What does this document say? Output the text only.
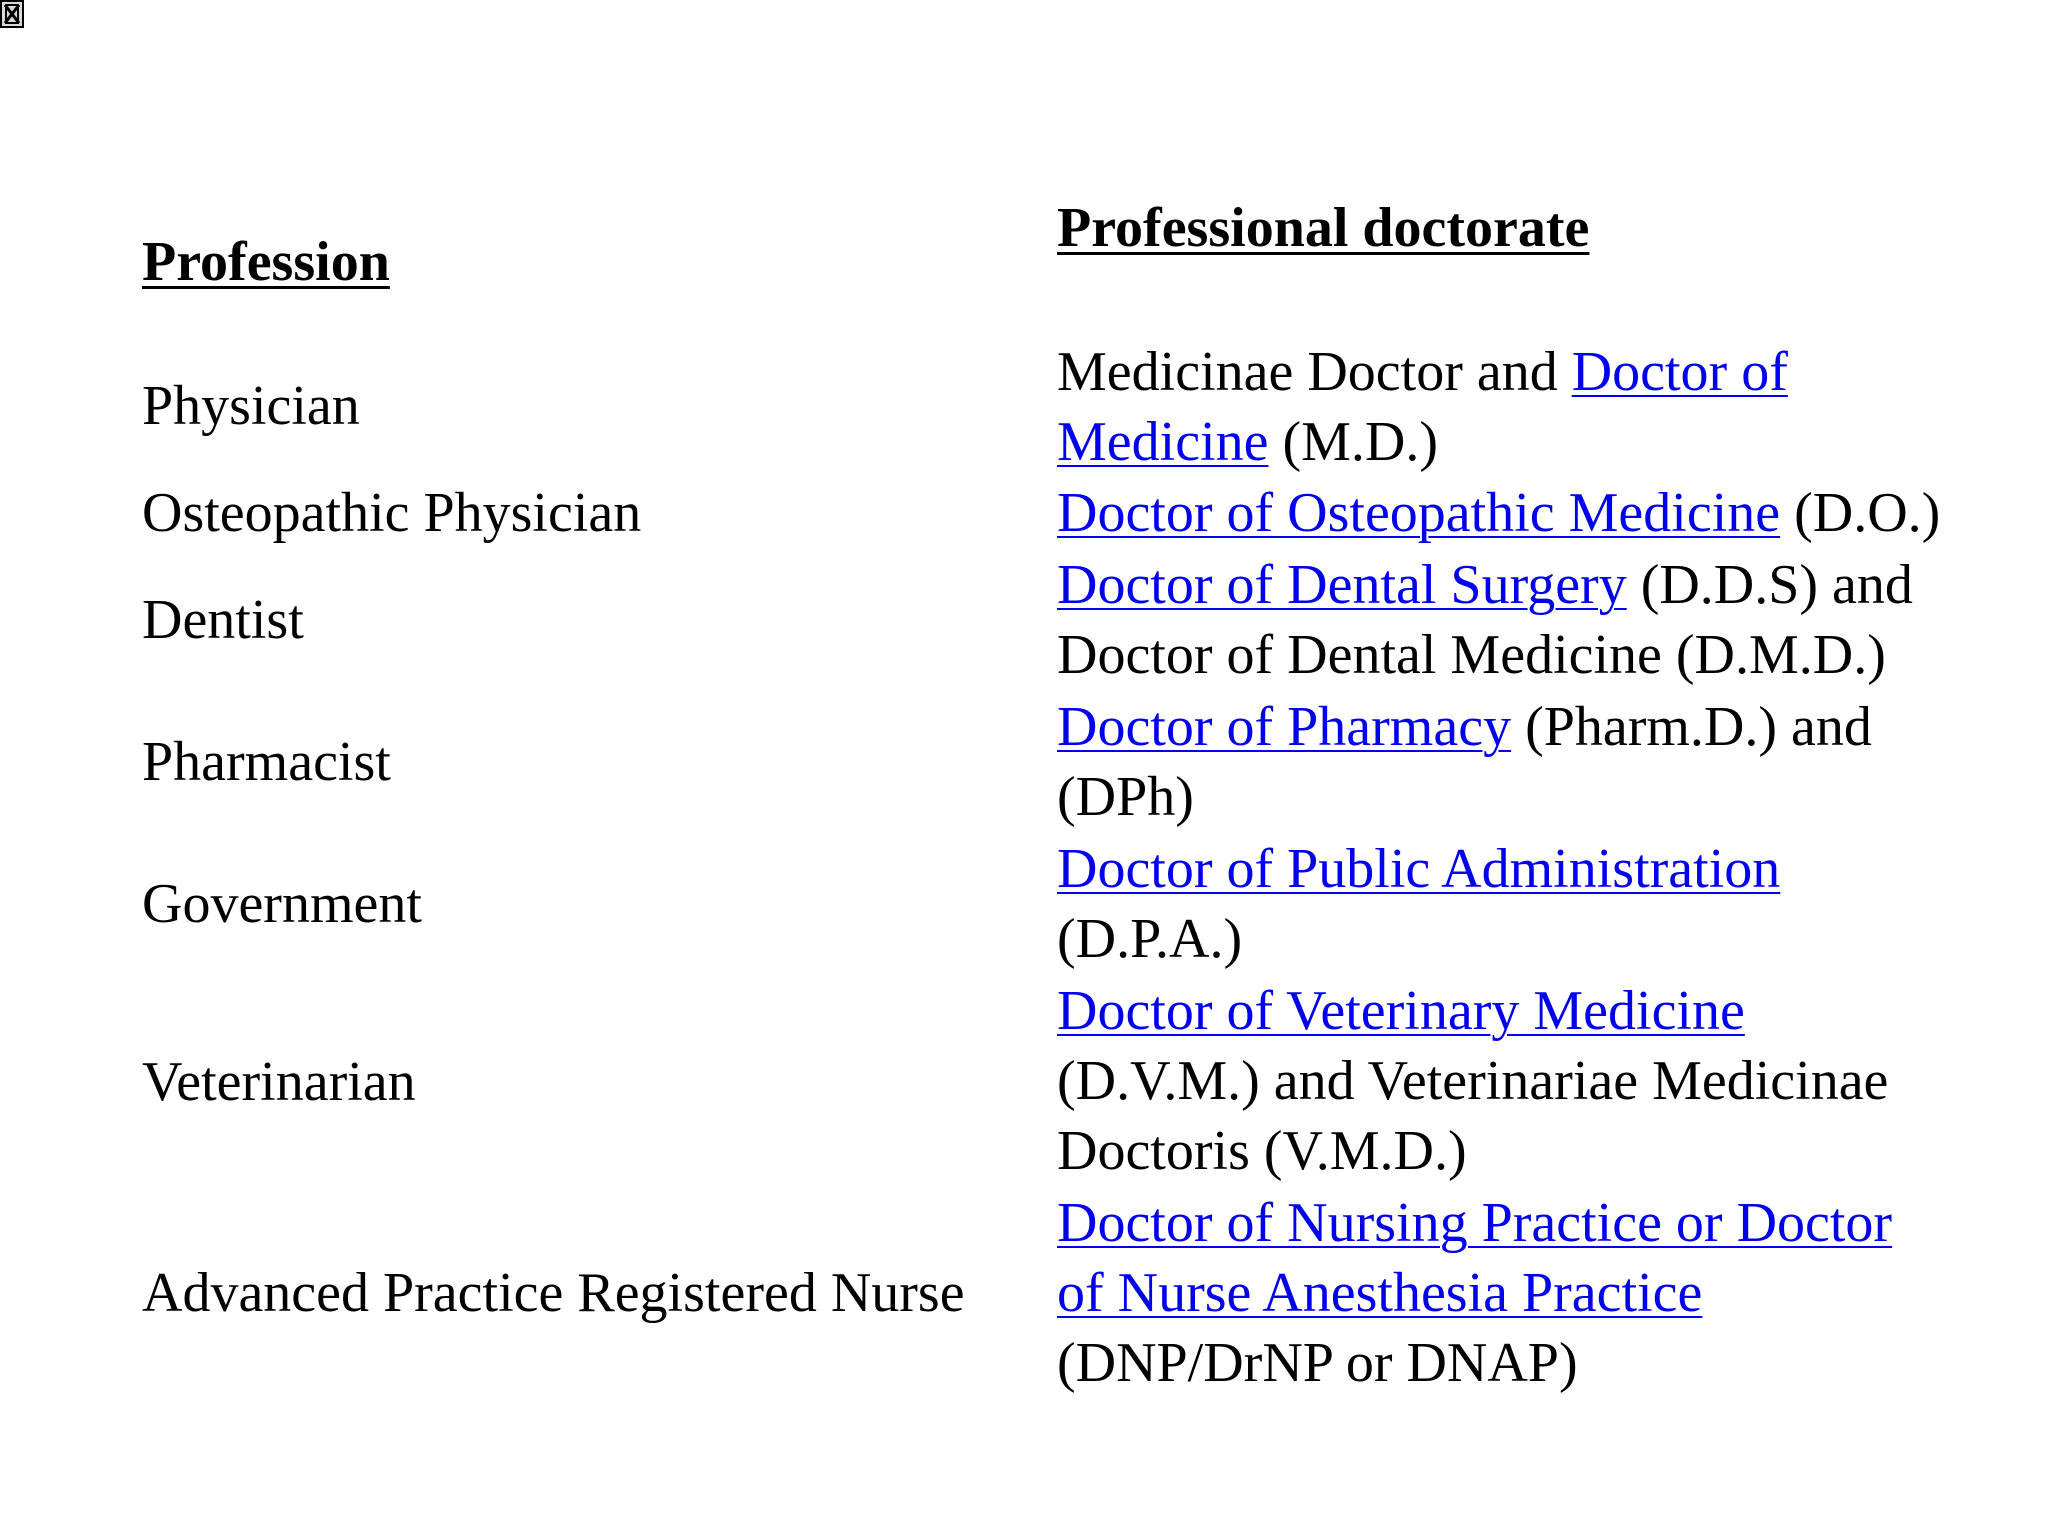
Profession
Professional doctorate
Physician
Medicinae Doctor and Doctor of
Medicine (M.D.)
Osteopathic Physician	Doctor of Osteopathic Medicine (D.O.)
Dentist
Doctor of Dental Surgery (D.D.S) and
Doctor of Dental Medicine (D.M.D.)
Pharmacist
Doctor of Pharmacy (Pharm.D.) and
(DPh)
Government
Doctor of Public Administration
(D.P.A.)
Veterinarian
Doctor of Veterinary Medicine
(D.V.M.) and Veterinariae Medicinae
Doctoris (V.M.D.)
Advanced Practice Registered Nurse
Doctor of Nursing Practice or Doctor
of Nurse Anesthesia Practice
(DNP/DrNP or DNAP)
